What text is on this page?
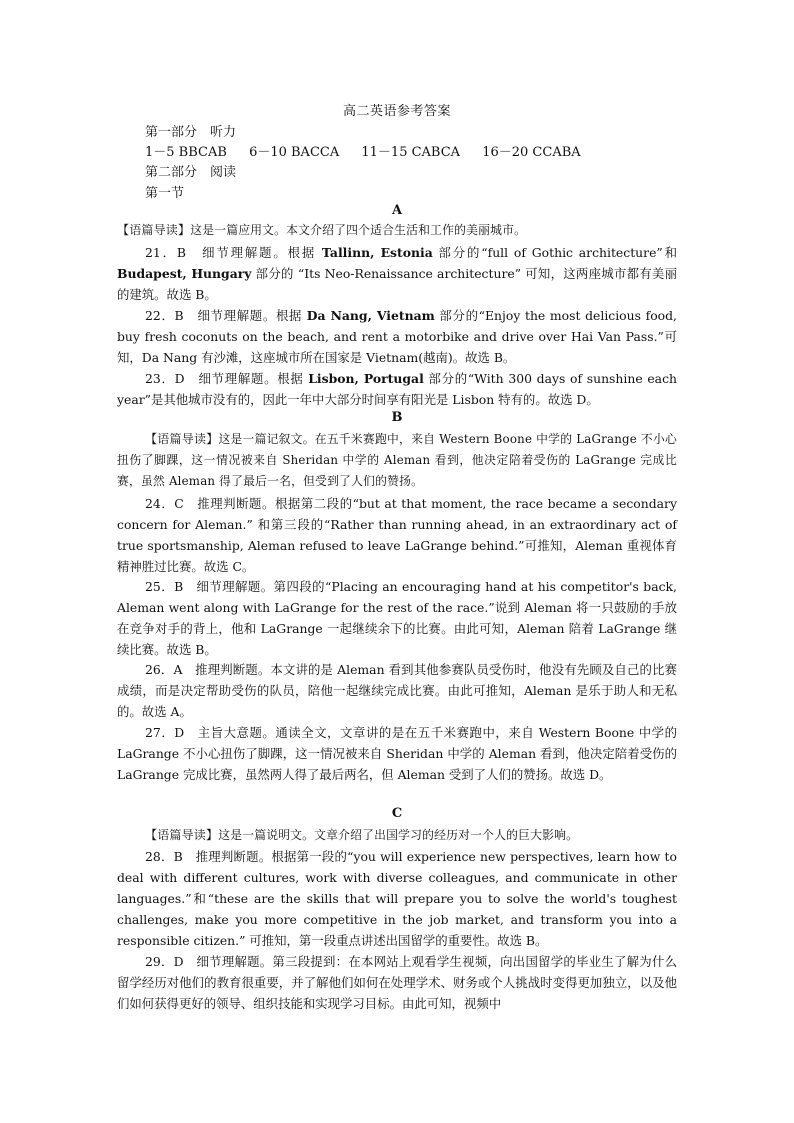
高二英语参考答案
第一部分　听力
1－5 BBCAB 6－10 BACCA 11－15 CABCA 16－20 CCABA
第二部分　阅读
第一节
A
【语篇导读】这是一篇应用文。本文介绍了四个适合生活和工作的美丽城市。
21．B　细节理解题。根据 Tallinn, Estonia 部分的“full of Gothic architecture”和 Budapest, Hungary 部分的 “Its Neo-Renaissance architecture” 可知，这两座城市都有美丽的建筑。故选 B。
22．B　细节理解题。根据 Da Nang, Vietnam 部分的“Enjoy the most delicious food, buy fresh coconuts on the beach, and rent a motorbike and drive over Hai Van Pass.”可知，Da Nang 有沙滩，这座城市所在国家是 Vietnam(越南)。故选 B。
23．D　细节理解题。根据 Lisbon, Portugal 部分的“With 300 days of sunshine each year”是其他城市没有的，因此一年中大部分时间享有阳光是 Lisbon 特有的。故选 D。
B
【语篇导读】这是一篇记叙文。在五千米赛跑中，来自 Western Boone 中学的 LaGrange 不小心扭伤了脚踝，这一情况被来自 Sheridan 中学的 Aleman 看到，他决定陪着受伤的 LaGrange 完成比赛，虽然 Aleman 得了最后一名，但受到了人们的赞扬。
24．C　推理判断题。根据第二段的“but at that moment, the race became a secondary concern for Aleman.” 和第三段的“Rather than running ahead, in an extraordinary act of true sportsmanship, Aleman refused to leave LaGrange behind.”可推知，Aleman 重视体育精神胜过比赛。故选 C。
25．B　细节理解题。第四段的“Placing an encouraging hand at his competitor's back, Aleman went along with LaGrange for the rest of the race.”说到 Aleman 将一只鼓励的手放在竞争对手的背上，他和 LaGrange 一起继续余下的比赛。由此可知，Aleman 陪着 LaGrange 继续比赛。故选 B。
26．A　推理判断题。本文讲的是 Aleman 看到其他参赛队员受伤时，他没有先顾及自己的比赛成绩，而是决定帮助受伤的队员，陪他一起继续完成比赛。由此可推知，Aleman 是乐于助人和无私的。故选 A。
27．D　主旨大意题。通读全文，文章讲的是在五千米赛跑中，来自 Western Boone 中学的 LaGrange 不小心扭伤了脚踝，这一情况被来自 Sheridan 中学的 Aleman 看到，他决定陪着受伤的 LaGrange 完成比赛，虽然两人得了最后两名，但 Aleman 受到了人们的赞扬。故选 D。
C
【语篇导读】这是一篇说明文。文章介绍了出国学习的经历对一个人的巨大影响。
28．B　推理判断题。根据第一段的“you will experience new perspectives, learn how to deal with different cultures, work with diverse colleagues, and communicate in other languages.”和“these are the skills that will prepare you to solve the world's toughest challenges, make you more competitive in the job market, and transform you into a responsible citizen.” 可推知，第一段重点讲述出国留学的重要性。故选 B。
29．D　细节理解题。第三段提到：在本网站上观看学生视频，向出国留学的毕业生了解为什么留学经历对他们的教育很重要，并了解他们如何在处理学术、财务或个人挑战时变得更加独立，以及他们如何获得更好的领导、组织技能和实现学习目标。由此可知，视频中
